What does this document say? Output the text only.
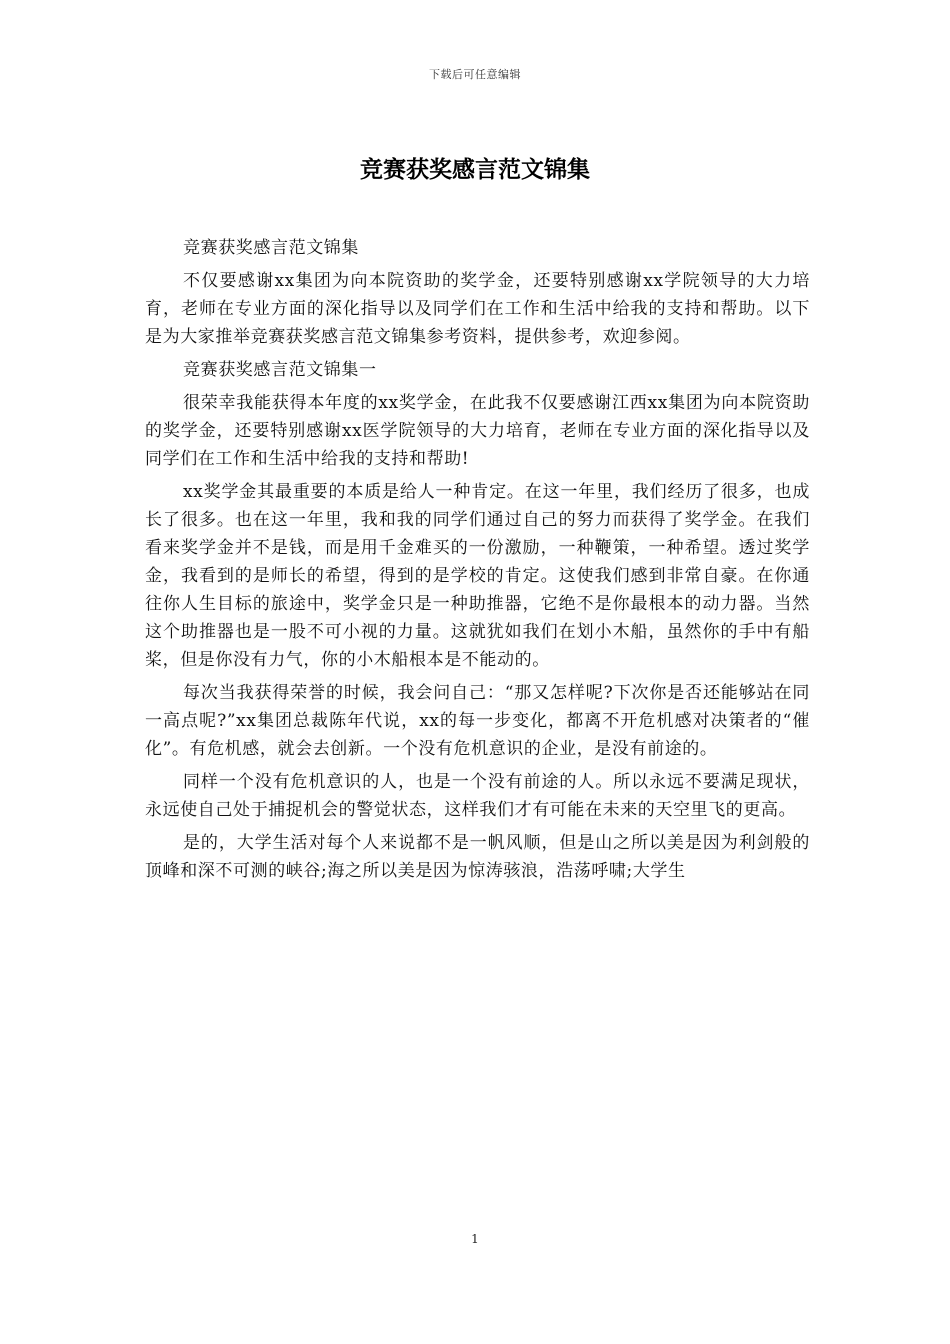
下载后可任意编辑
竞赛获奖感言范文锦集

竞赛获奖感言范文锦集

不仅要感谢xx集团为向本院资助的奖学金，还要特别感谢xx学院领导的大力培育，老师在专业方面的深化指导以及同学们在工作和生活中给我的支持和帮助。以下是为大家推举竞赛获奖感言范文锦集参考资料，提供参考，欢迎参阅。

竞赛获奖感言范文锦集一

很荣幸我能获得本年度的xx奖学金，在此我不仅要感谢江西xx集团为向本院资助的奖学金，还要特别感谢xx医学院领导的大力培育，老师在专业方面的深化指导以及同学们在工作和生活中给我的支持和帮助!

xx奖学金其最重要的本质是给人一种肯定。在这一年里，我们经历了很多，也成长了很多。也在这一年里，我和我的同学们通过自己的努力而获得了奖学金。在我们看来奖学金并不是钱，而是用千金难买的一份激励，一种鞭策，一种希望。透过奖学金，我看到的是师长的希望，得到的是学校的肯定。这使我们感到非常自豪。在你通往你人生目标的旅途中，奖学金只是一种助推器，它绝不是你最根本的动力器。当然这个助推器也是一股不可小视的力量。这就犹如我们在划小木船，虽然你的手中有船桨，但是你没有力气，你的小木船根本是不能动的。

每次当我获得荣誉的时候，我会问自己：“那又怎样呢?下次你是否还能够站在同一高点呢?”xx集团总裁陈年代说，xx的每一步变化，都离不开危机感对决策者的“催化”。有危机感，就会去创新。一个没有危机意识的企业，是没有前途的。

同样一个没有危机意识的人，也是一个没有前途的人。所以永远不要满足现状，永远使自己处于捕捉机会的警觉状态，这样我们才有可能在未来的天空里飞的更高。

是的，大学生活对每个人来说都不是一帆风顺，但是山之所以美是因为利剑般的顶峰和深不可测的峡谷;海之所以美是因为惊涛骇浪，浩荡呼啸;大学生

1
